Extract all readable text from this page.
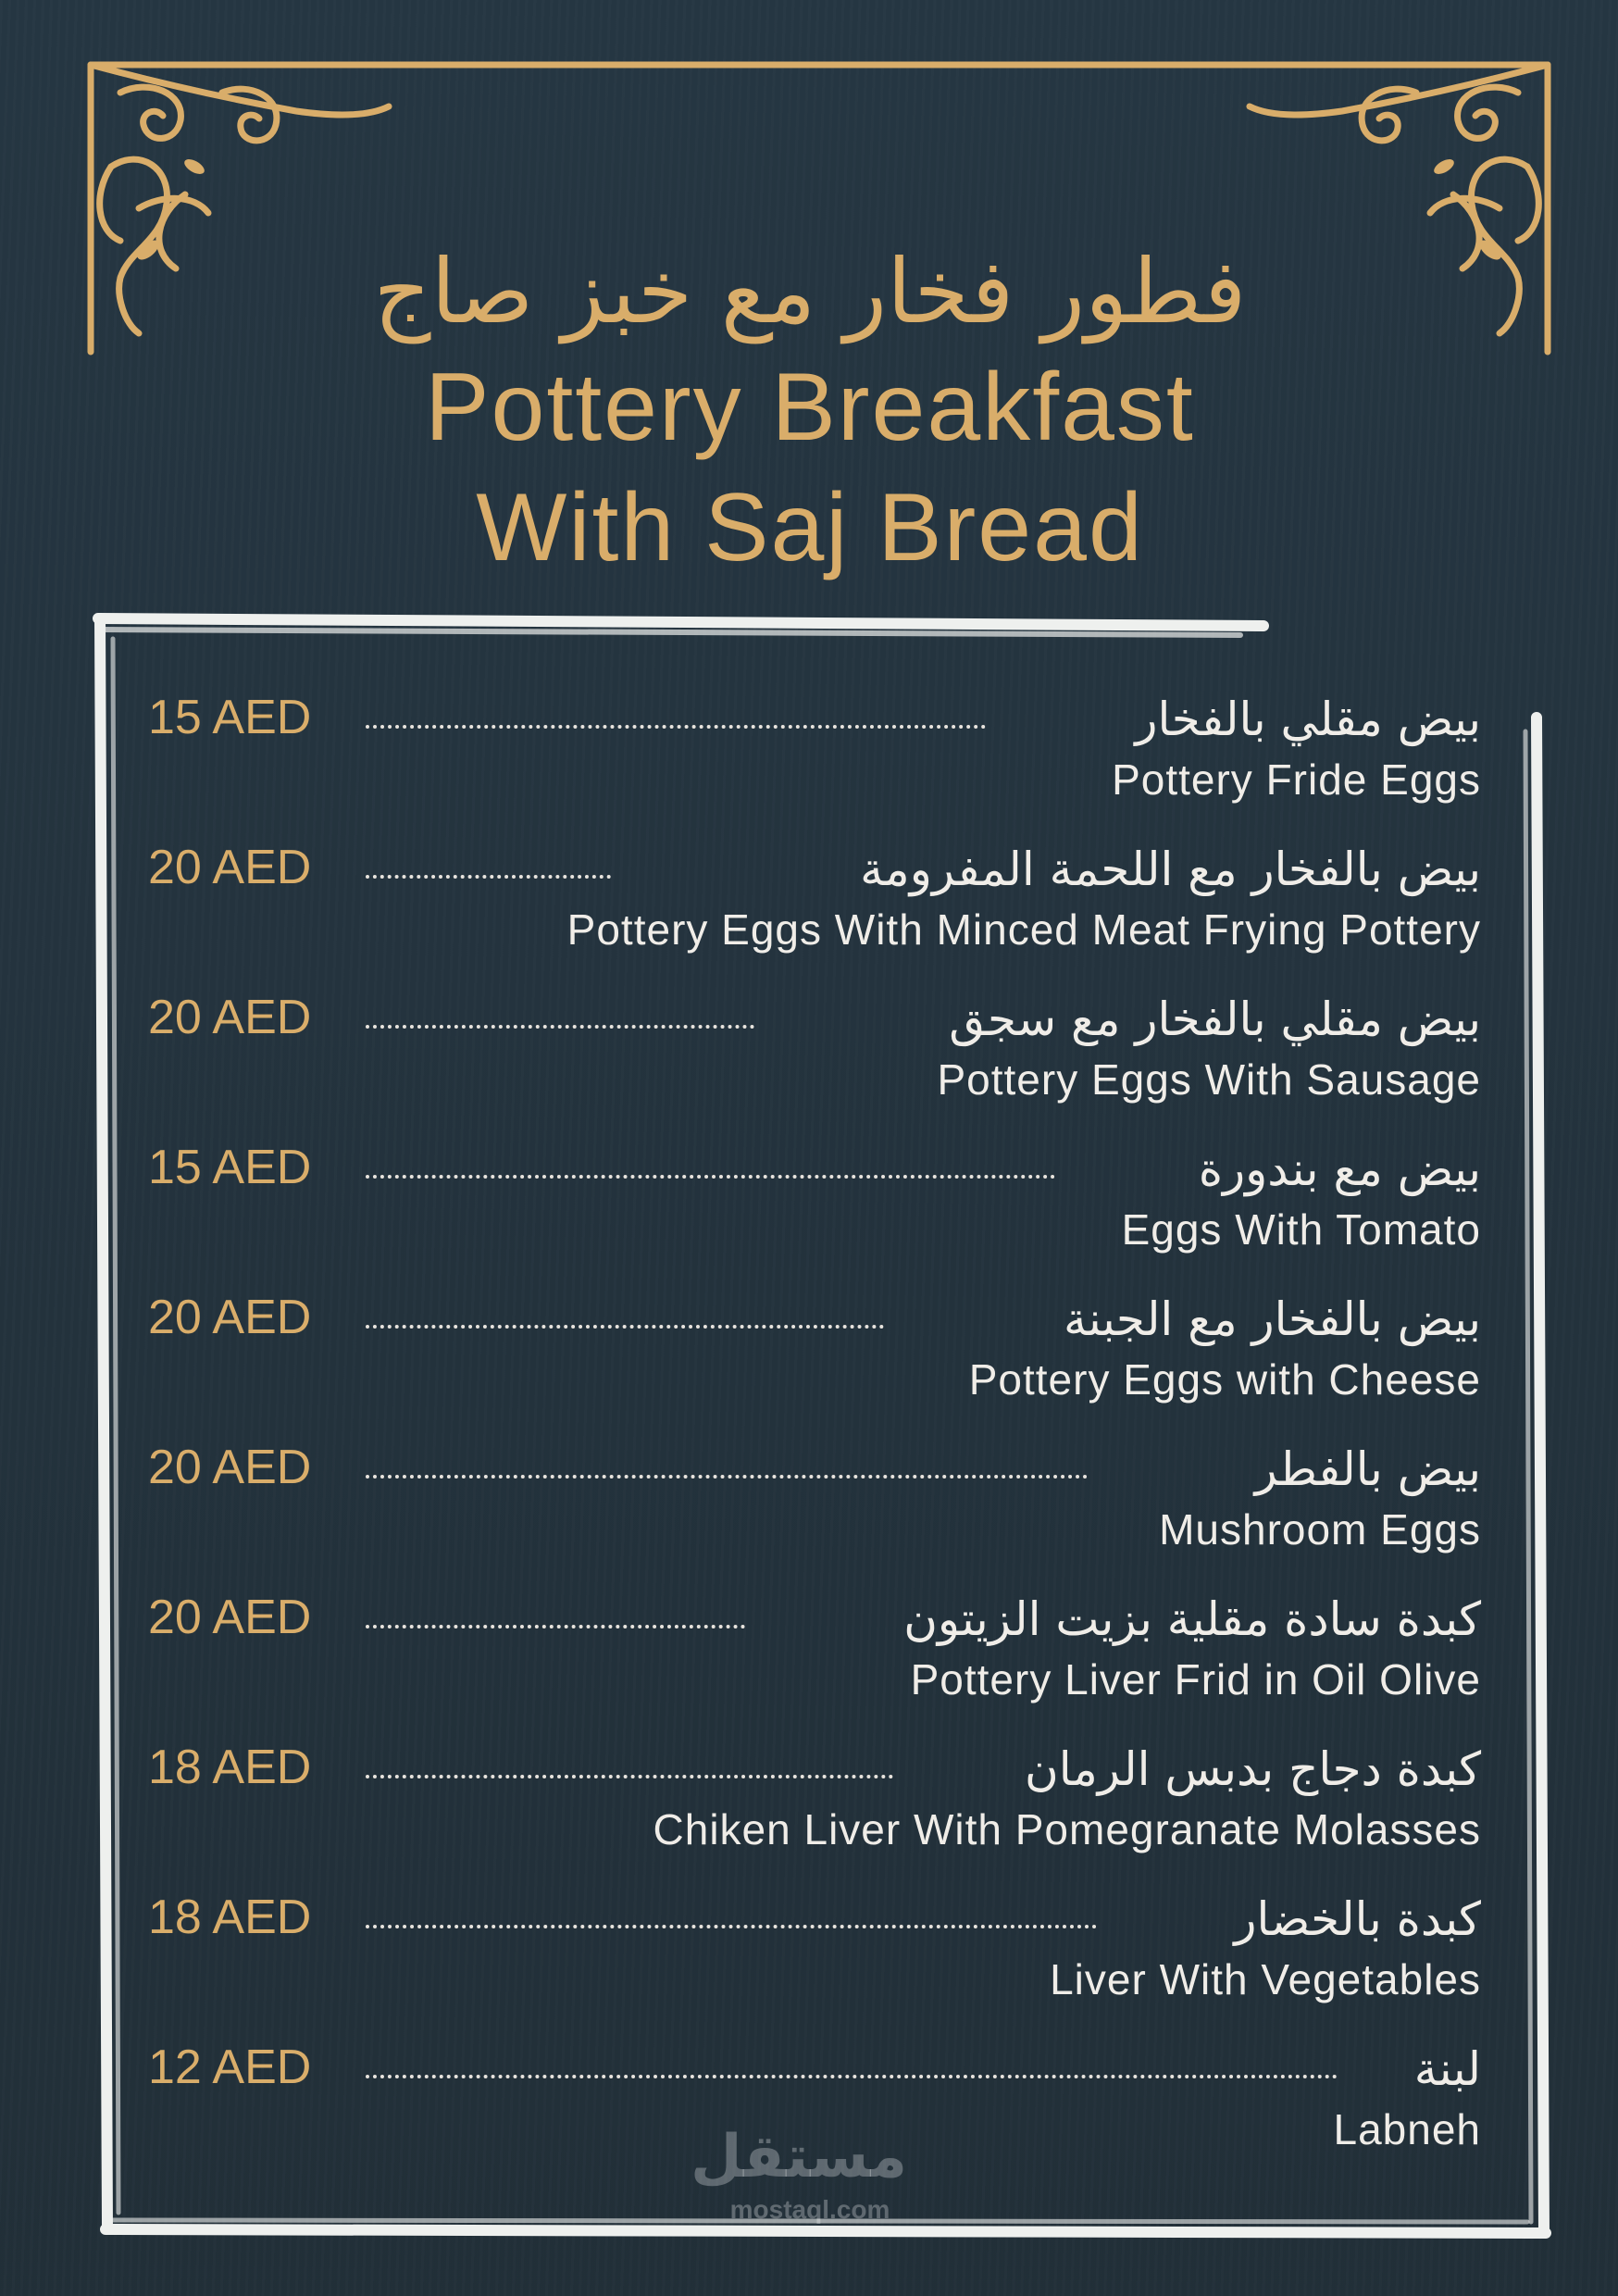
فطور فخار مع خبز صاج
Pottery Breakfast
With Saj Bread
15 AED	بيض مقلي بالفخار
Pottery Fride Eggs
20 AED	بيض بالفخار مع اللحمة المفرومة
Pottery Eggs With Minced Meat Frying Pottery
20 AED	بيض مقلي بالفخار مع سجق
Pottery Eggs With Sausage
15 AED	بيض مع بندورة
Eggs With Tomato
20 AED	بيض بالفخار مع الجبنة
Pottery Eggs with Cheese
20 AED	بيض بالفطر
Mushroom Eggs
20 AED	كبدة سادة مقلية بزيت الزيتون
Pottery Liver Frid in Oil Olive
18 AED	كبدة دجاج بدبس الرمان
Chiken Liver With Pomegranate Molasses
18 AED	كبدة بالخضار
Liver With Vegetables
12 AED	لبنة
Labneh
مستقل
mostaql.com
